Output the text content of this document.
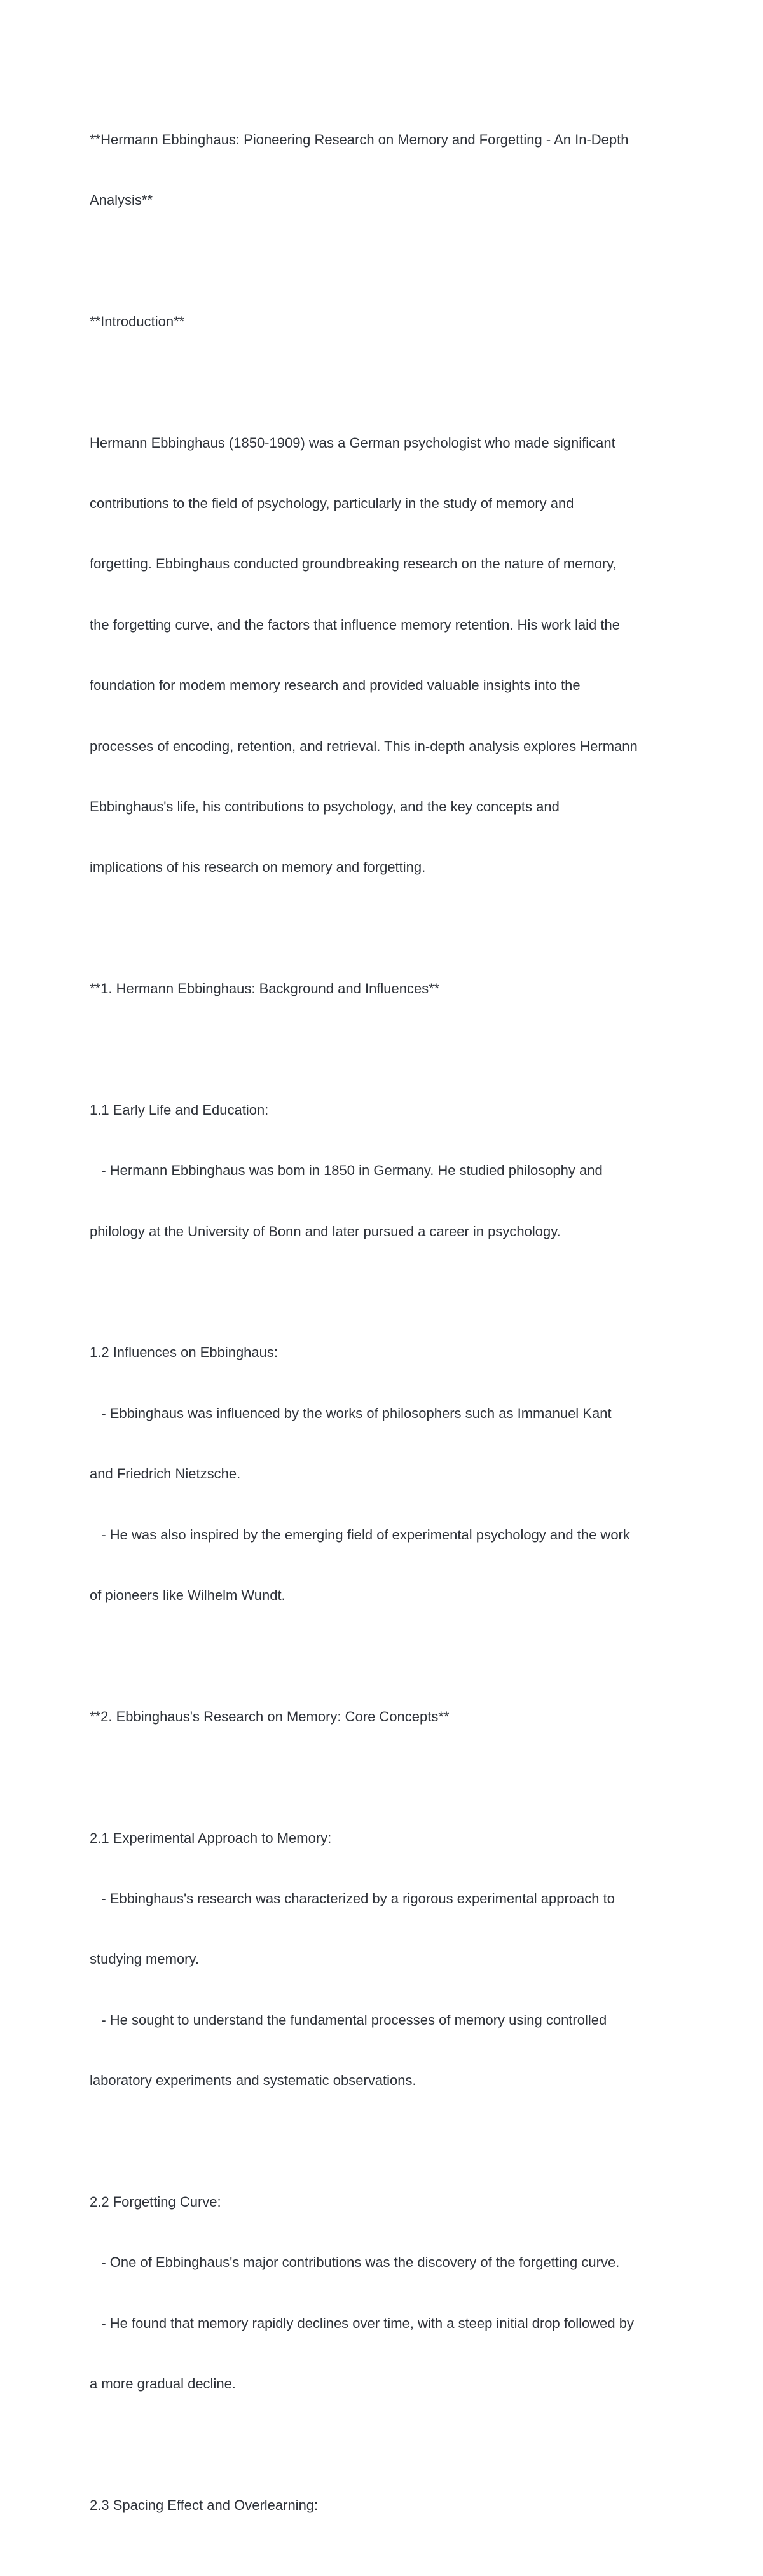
**Hermann Ebbinghaus: Pioneering Research on Memory and Forgetting - An In-Depth

Analysis**

**Introduction**

Hermann Ebbinghaus (1850-1909) was a German psychologist who made significant

contributions to the field of psychology, particularly in the study of memory and

forgetting. Ebbinghaus conducted groundbreaking research on the nature of memory,

the forgetting curve, and the factors that influence memory retention. His work laid the

foundation for modem memory research and provided valuable insights into the

processes of encoding, retention, and retrieval. This in-depth analysis explores Hermann

Ebbinghaus's life, his contributions to psychology, and the key concepts and

implications of his research on memory and forgetting.

**1. Hermann Ebbinghaus: Background and Influences**

1.1 Early Life and Education:

- Hermann Ebbinghaus was bom in 1850 in Germany. He studied philosophy and

philology at the University of Bonn and later pursued a career in psychology.

1.2 Influences on Ebbinghaus:

- Ebbinghaus was influenced by the works of philosophers such as Immanuel Kant

and Friedrich Nietzsche.

- He was also inspired by the emerging field of experimental psychology and the work

of pioneers like Wilhelm Wundt.

**2. Ebbinghaus's Research on Memory: Core Concepts**

2.1 Experimental Approach to Memory:

- Ebbinghaus's research was characterized by a rigorous experimental approach to

studying memory.

- He sought to understand the fundamental processes of memory using controlled

laboratory experiments and systematic observations.

2.2 Forgetting Curve:

- One of Ebbinghaus's major contributions was the discovery of the forgetting curve.

- He found that memory rapidly declines over time, with a steep initial drop followed by

a more gradual decline.

2.3 Spacing Effect and Overlearning:
